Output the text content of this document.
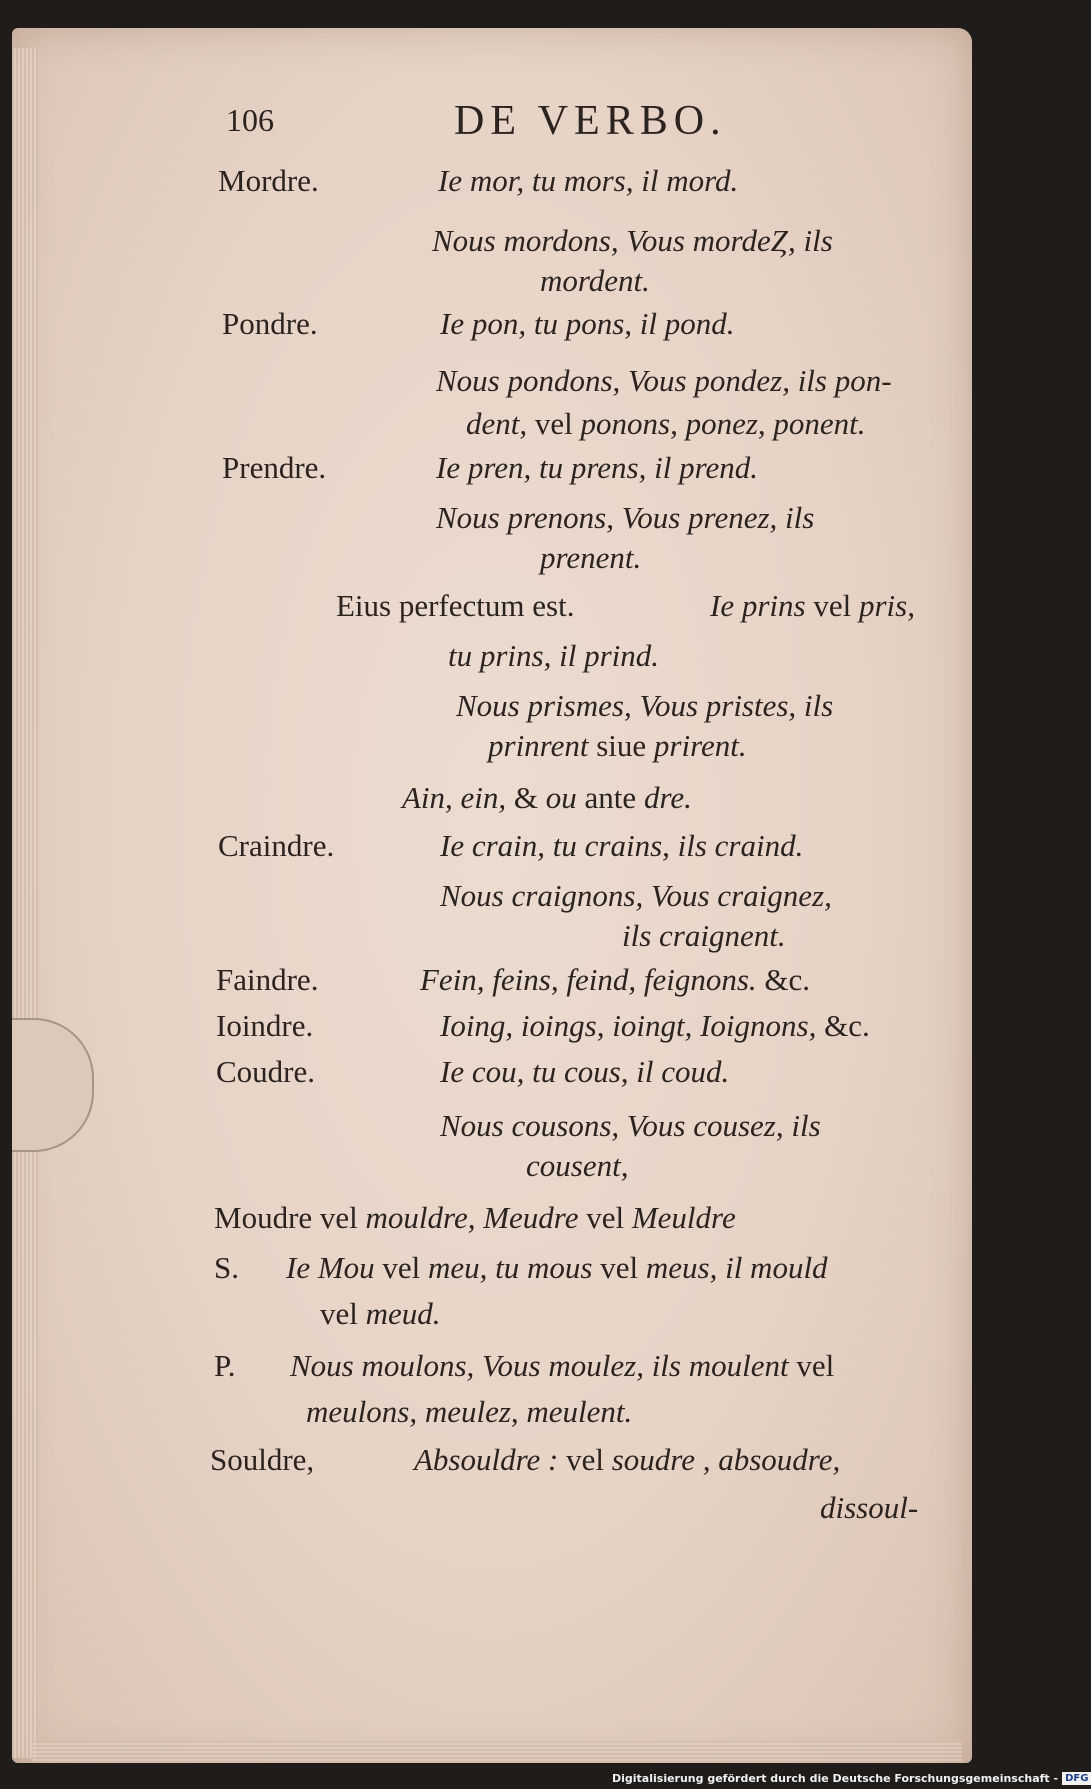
106	DE VERBO.
Mordre.	Ie mor, tu mors, il mord.
Nous mordons, Vous mordeȤ, ils
mordent.
Pondre.	Ie pon, tu pons, il pond.
Nous pondons, Vous pondez, ils pon-
dent, vel ponons, ponez, ponent.
Prendre.	Ie pren, tu prens, il prend.
Nous prenons, Vous prenez, ils
prenent.
Eius perfectum est.	Ie prins vel pris,
tu prins, il prind.
Nous prismes, Vous pristes, ils
prinrent siue prirent.
Ain, ein, & ou ante dre.
Craindre.	Ie crain, tu crains, ils craind.
Nous craignons, Vous craignez,
ils craignent.
Faindre.	Fein, feins, feind, feignons. &c.
Ioindre.	Ioing, ioings, ioingt, Ioignons, &c.
Coudre.	Ie cou, tu cous, il coud.
Nous cousons, Vous cousez, ils
cousent,
Moudre vel mouldre, Meudre vel Meuldre
S. Ie Mou vel meu, tu mous vel meus, il mould
vel meud.
P. Nous moulons, Vous moulez, ils moulent vel
meulons, meulez, meulent.
Souldre,	Absouldre : vel soudre , absoudre,
dissoul-
Digitalisierung gefördert durch die Deutsche Forschungsgemeinschaft - DFG
